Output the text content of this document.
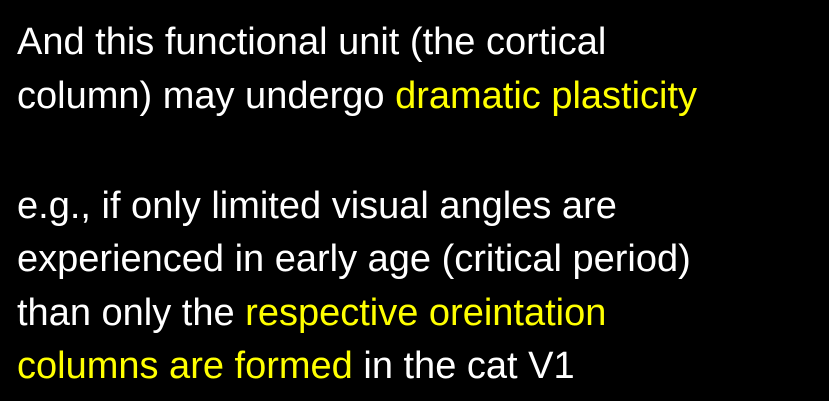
And this functional unit (the cortical
column) may undergo dramatic plasticity
e.g., if only limited visual angles are
experienced in early age (critical period)
than only the respective oreintation
columns are formed in the cat V1
